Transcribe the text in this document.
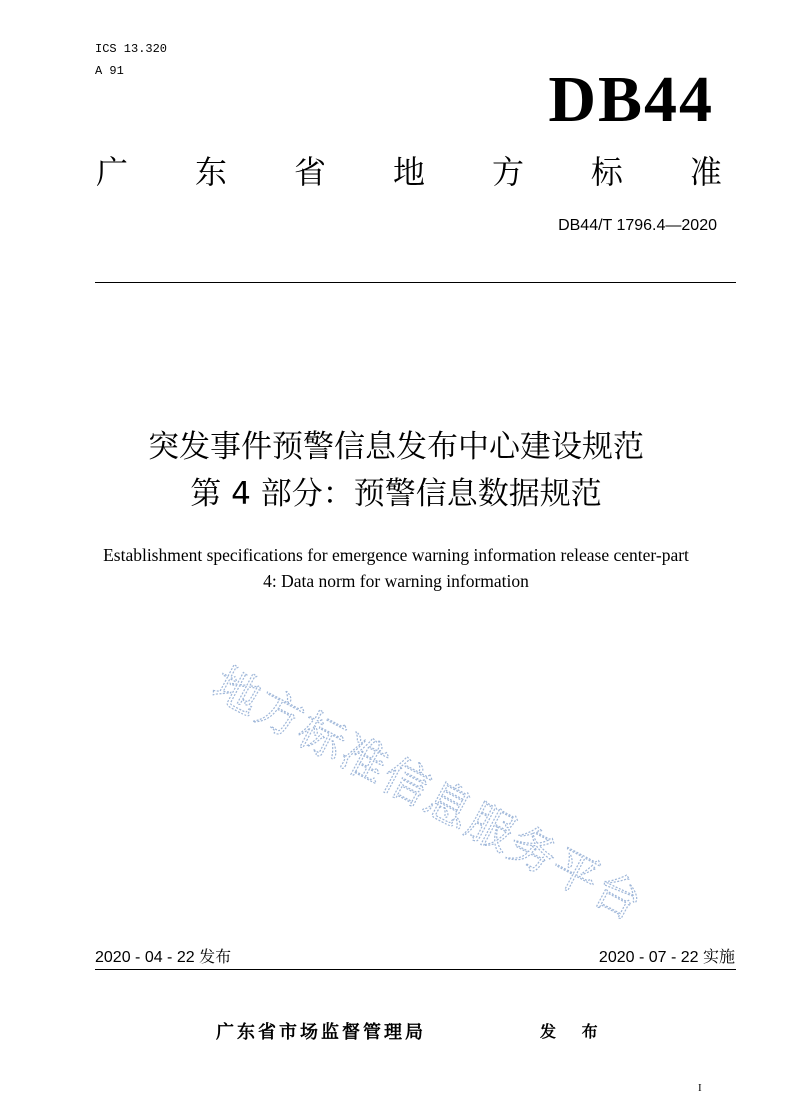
ICS 13.320
A 91	DB44
广 东 省 地 方 标 准
DB44/T 1796.4—2020
突发事件预警信息发布中心建设规范
第 4 部分：预警信息数据规范
Establishment specifications for emergence warning information release center-part
4: Data norm for warning information
地
方
标
准
信
息
服
务
平
台
2020 - 04 - 22 发布	2020 - 07 - 22 实施
广东省市场监督管理局	发 布
I
